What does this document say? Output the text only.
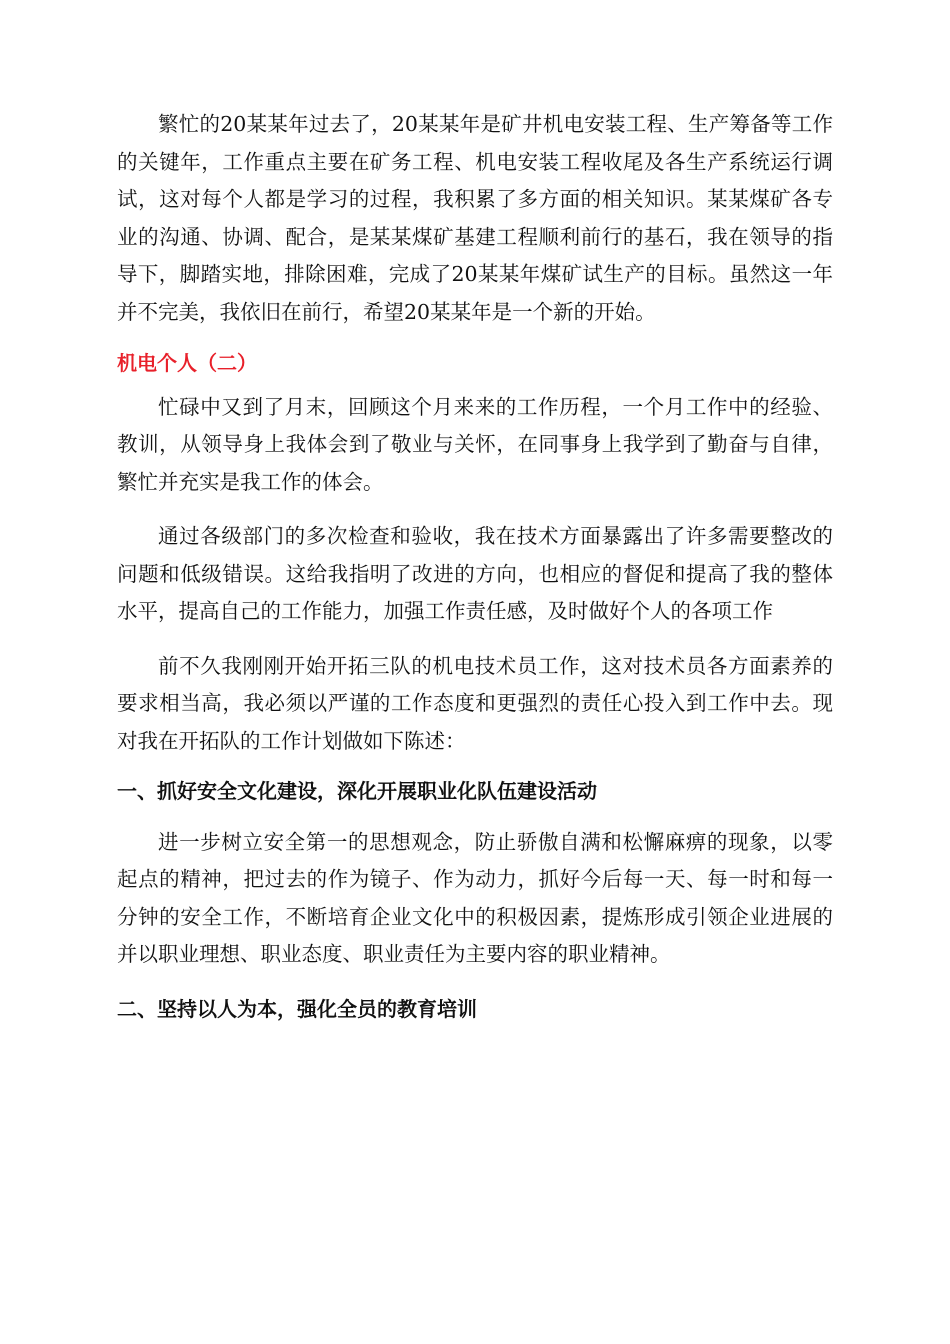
繁忙的20某某年过去了，20某某年是矿井机电安装工程、生产筹备等工作的关键年，工作重点主要在矿务工程、机电安装工程收尾及各生产系统运行调试，这对每个人都是学习的过程，我积累了多方面的相关知识。某某煤矿各专业的沟通、协调、配合，是某某煤矿基建工程顺利前行的基石，我在领导的指导下，脚踏实地，排除困难，完成了20某某年煤矿试生产的目标。虽然这一年并不完美，我依旧在前行，希望20某某年是一个新的开始。

机电个人（二）

忙碌中又到了月末，回顾这个月来来的工作历程，一个月工作中的经验、教训，从领导身上我体会到了敬业与关怀，在同事身上我学到了勤奋与自律，繁忙并充实是我工作的体会。

通过各级部门的多次检查和验收，我在技术方面暴露出了许多需要整改的问题和低级错误。这给我指明了改进的方向，也相应的督促和提高了我的整体水平，提高自己的工作能力，加强工作责任感，及时做好个人的各项工作

前不久我刚刚开始开拓三队的机电技术员工作，这对技术员各方面素养的要求相当高，我必须以严谨的工作态度和更强烈的责任心投入到工作中去。现对我在开拓队的工作计划做如下陈述：

一、抓好安全文化建设，深化开展职业化队伍建设活动

进一步树立安全第一的思想观念，防止骄傲自满和松懈麻痹的现象，以零起点的精神，把过去的作为镜子、作为动力，抓好今后每一天、每一时和每一分钟的安全工作，不断培育企业文化中的积极因素，提炼形成引领企业进展的并以职业理想、职业态度、职业责任为主要内容的职业精神。

二、坚持以人为本，强化全员的教育培训
